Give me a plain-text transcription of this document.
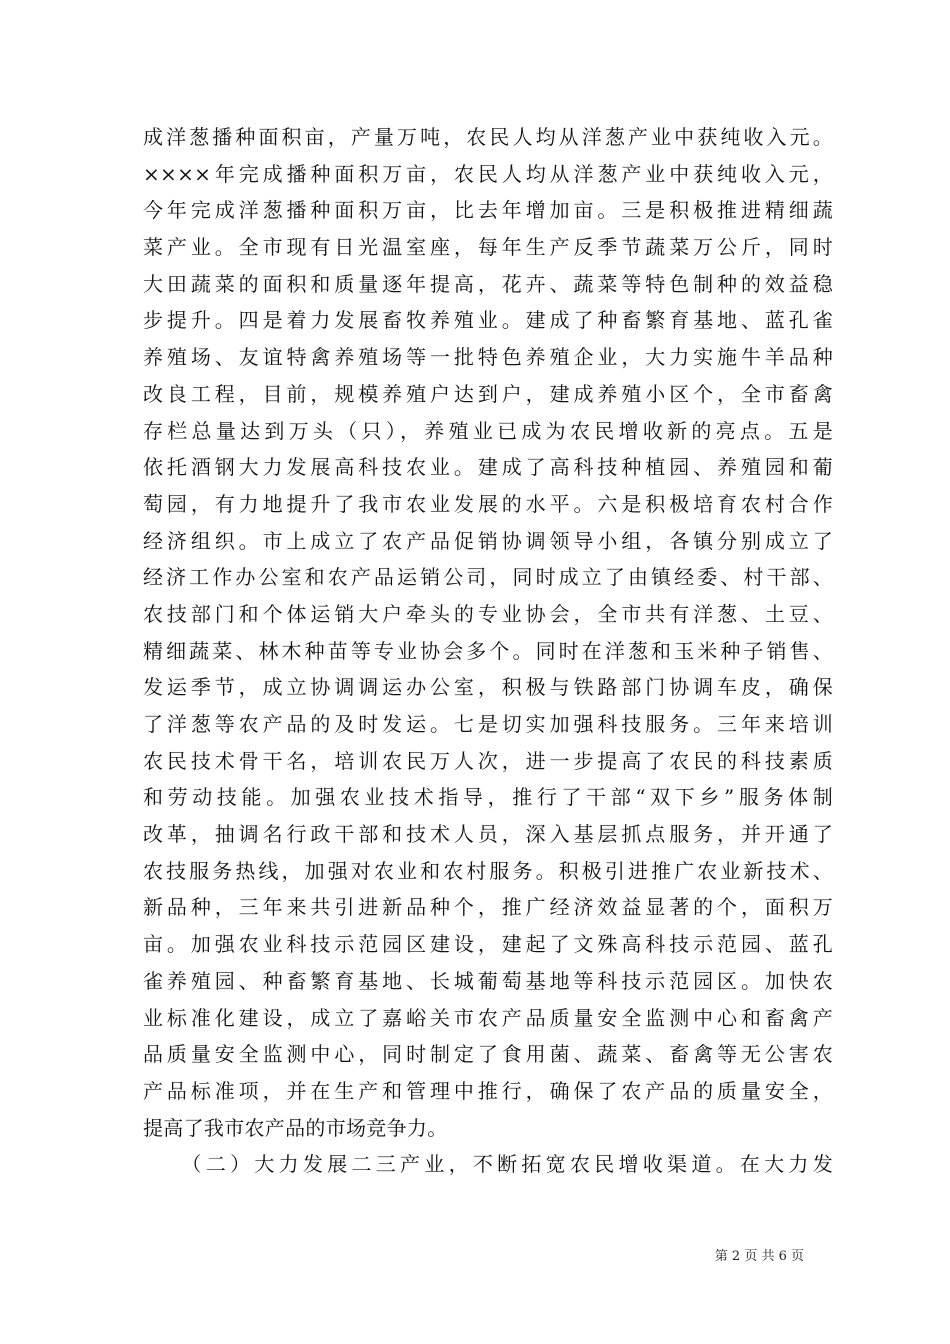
成洋葱播种面积亩，产量万吨，农民人均从洋葱产业中获纯收入元。
××××年完成播种面积万亩，农民人均从洋葱产业中获纯收入元，
今年完成洋葱播种面积万亩，比去年增加亩。三是积极推进精细蔬
菜产业。全市现有日光温室座，每年生产反季节蔬菜万公斤，同时
大田蔬菜的面积和质量逐年提高，花卉、蔬菜等特色制种的效益稳
步提升。四是着力发展畜牧养殖业。建成了种畜繁育基地、蓝孔雀
养殖场、友谊特禽养殖场等一批特色养殖企业，大力实施牛羊品种
改良工程，目前，规模养殖户达到户，建成养殖小区个，全市畜禽
存栏总量达到万头（只），养殖业已成为农民增收新的亮点。五是
依托酒钢大力发展高科技农业。建成了高科技种植园、养殖园和葡
萄园，有力地提升了我市农业发展的水平。六是积极培育农村合作
经济组织。市上成立了农产品促销协调领导小组，各镇分别成立了
经济工作办公室和农产品运销公司，同时成立了由镇经委、村干部、
农技部门和个体运销大户牵头的专业协会，全市共有洋葱、土豆、
精细蔬菜、林木种苗等专业协会多个。同时在洋葱和玉米种子销售、
发运季节，成立协调调运办公室，积极与铁路部门协调车皮，确保
了洋葱等农产品的及时发运。七是切实加强科技服务。三年来培训
农民技术骨干名，培训农民万人次，进一步提高了农民的科技素质
和劳动技能。加强农业技术指导，推行了干部“双下乡”服务体制
改革，抽调名行政干部和技术人员，深入基层抓点服务，并开通了
农技服务热线，加强对农业和农村服务。积极引进推广农业新技术、
新品种，三年来共引进新品种个，推广经济效益显著的个，面积万
亩。加强农业科技示范园区建设，建起了文殊高科技示范园、蓝孔
雀养殖园、种畜繁育基地、长城葡萄基地等科技示范园区。加快农
业标准化建设，成立了嘉峪关市农产品质量安全监测中心和畜禽产
品质量安全监测中心，同时制定了食用菌、蔬菜、畜禽等无公害农
产品标准项，并在生产和管理中推行，确保了农产品的质量安全，
提高了我市农产品的市场竞争力。
　　（二）大力发展二三产业，不断拓宽农民增收渠道。在大力发
第 2 页 共 6 页
